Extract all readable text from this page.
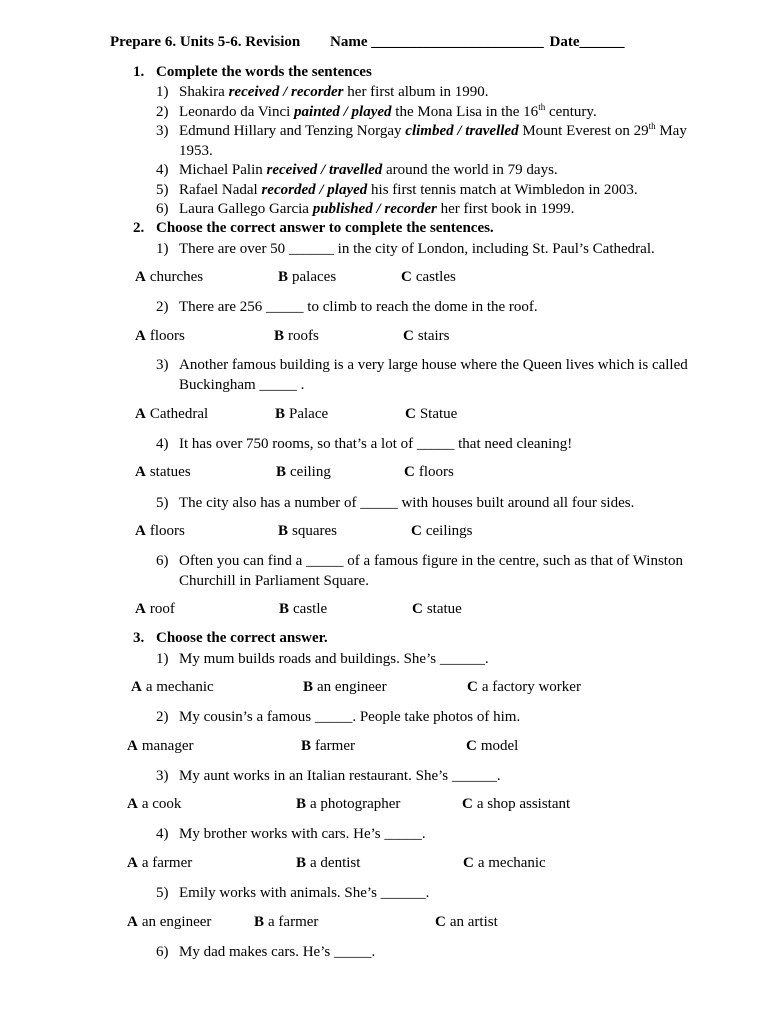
Prepare 6. Units 5-6. Revision Name _______________________ Date______
1. Complete the words the sentences
1) Shakira received / recorder her first album in 1990.
2) Leonardo da Vinci painted / played the Mona Lisa in the 16th century.
3) Edmund Hillary and Tenzing Norgay climbed / travelled Mount Everest on 29th May 1953.
4) Michael Palin received / travelled around the world in 79 days.
5) Rafael Nadal recorded / played his first tennis match at Wimbledon in 2003.
6) Laura Gallego Garcia published / recorder her first book in 1999.
2. Choose the correct answer to complete the sentences.
1) There are over 50 ______ in the city of London, including St. Paul’s Cathedral.
A churches	B palaces	C castles
2) There are 256 _____ to climb to reach the dome in the roof.
A floors	B roofs	C stairs
3) Another famous building is a very large house where the Queen lives which is called Buckingham _____ .
A Cathedral	B Palace	C Statue
4) It has over 750 rooms, so that’s a lot of _____ that need cleaning!
A statues	B ceiling	C floors
5) The city also has a number of _____ with houses built around all four sides.
A floors	B squares	C ceilings
6) Often you can find a _____ of a famous figure in the centre, such as that of Winston Churchill in Parliament Square.
A roof	B castle	C statue
3. Choose the correct answer.
1) My mum builds roads and buildings. She’s ______.
A a mechanic	B an engineer	C a factory worker
2) My cousin’s a famous _____. People take photos of him.
A manager	B farmer	C model
3) My aunt works in an Italian restaurant. She’s ______.
A a cook	B a photographer	C a shop assistant
4) My brother works with cars. He’s _____.
A a farmer	B a dentist	C a mechanic
5) Emily works with animals. She’s ______.
A an engineer	B a farmer	C an artist
6) My dad makes cars. He’s _____.
